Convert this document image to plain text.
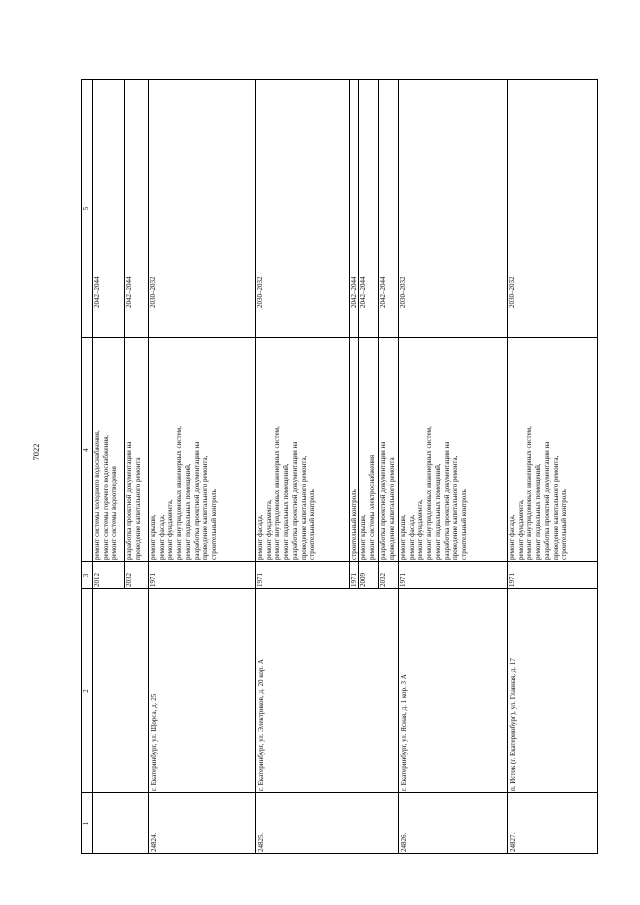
7022
1
2
3
4
5
2012
ремонт системы холодного водоснабжения, ремонт системы горячего водоснабжения, ремонт системы водоотведения
2042–2044
2032
разработка проектной документации на проведение капитального ремонта
2042–2044
24824.
г. Екатеринбург, ул. Щорса, д. 25
1971
ремонт крыши, ремонт фасада, ремонт фундамента, ремонт внутридомовых инженерных систем, ремонт подвальных помещений, разработка проектной документации на проведение капитального ремонта, строительный контроль
2030–2032
24825.
г. Екатеринбург, ул. Электриков, д. 20 кор. А
1971
ремонт фасада, ремонт фундамента, ремонт внутридомовых инженерных систем, ремонт подвальных помещений, разработка проектной документации на проведение капитального ремонта, строительный контроль
2030–2032
1971
строительный контроль
2042–2044
2009
ремонт крыши, ремонт системы электроснабжения
2042–2044
2032
разработка проектной документации на проведение капитального ремонта
2042–2044
24826.
г. Екатеринбург, ул. Ясная, д. 1 кор. 3 А
1971
ремонт крыши, ремонт фасада, ремонт фундамента, ремонт внутридомовых инженерных систем, ремонт подвальных помещений, разработка проектной документации на проведение капитального ремонта, строительный контроль
2030–2032
24827.
п. Исток (г. Екатеринбург), ул. Главная, д. 17
1971
ремонт фасада, ремонт фундамента, ремонт внутридомовых инженерных систем, ремонт подвальных помещений, разработка проектной документации на проведение капитального ремонта, строительный контроль
2030–2032
